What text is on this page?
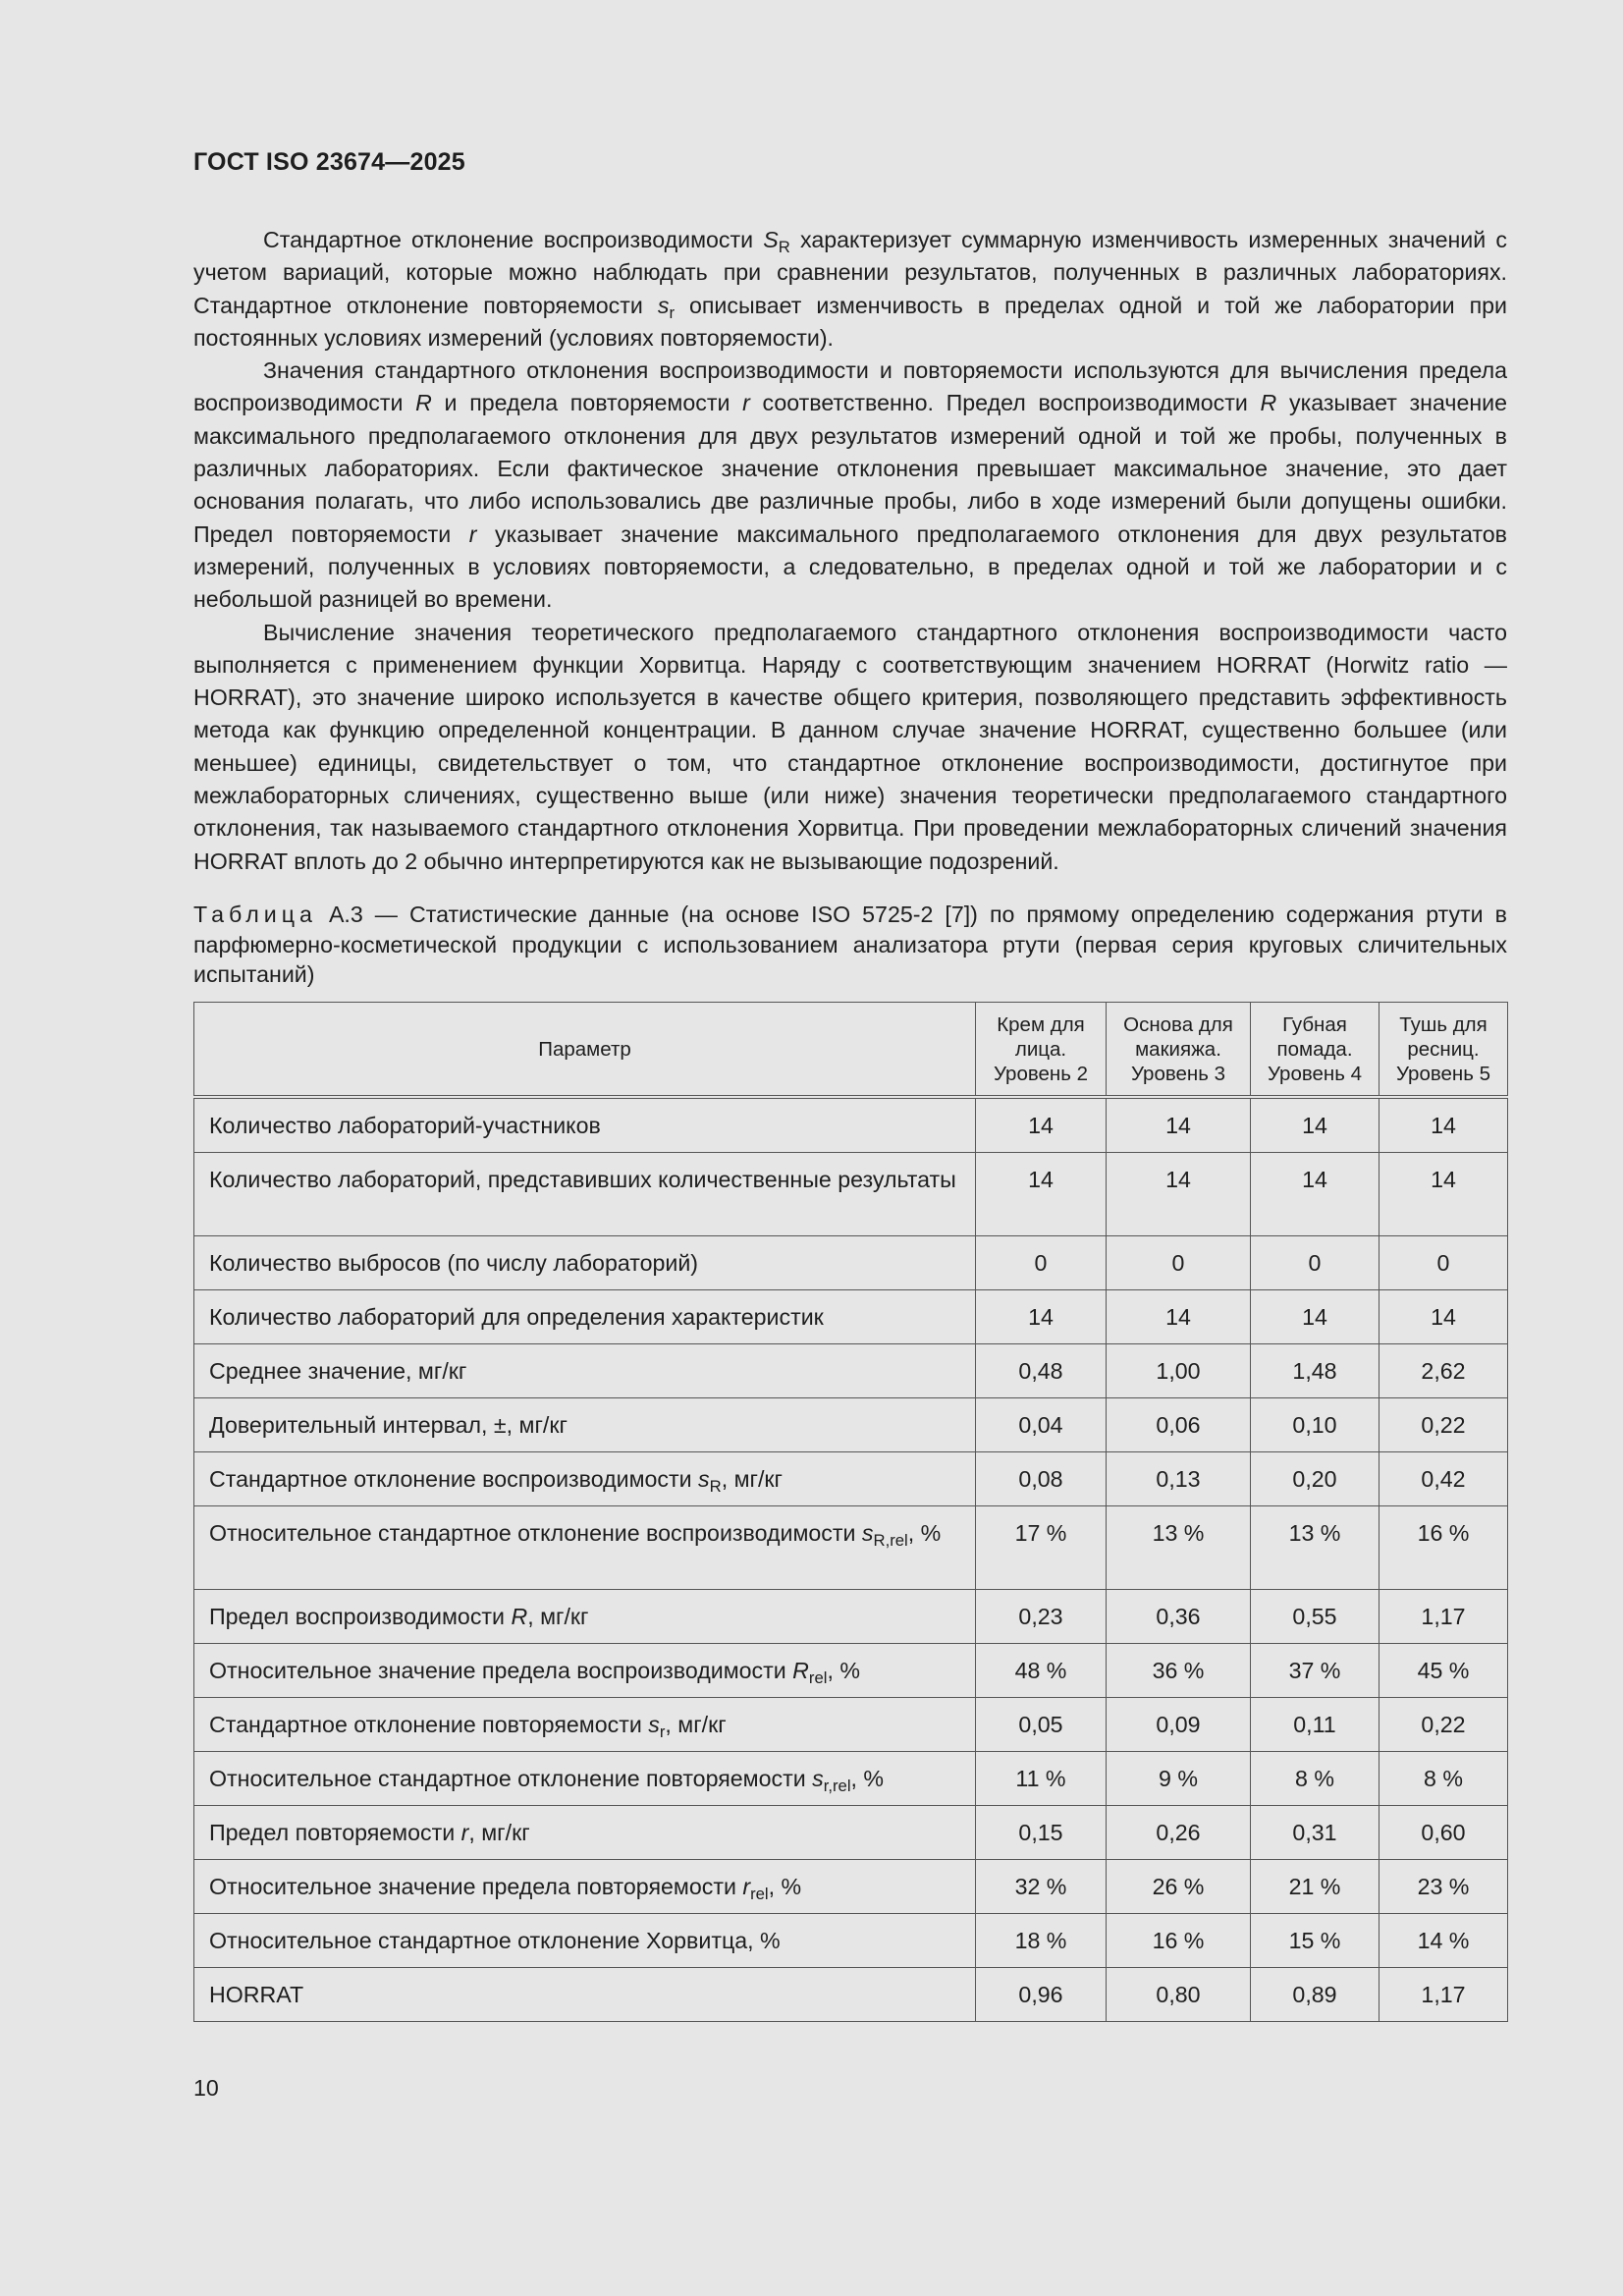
ГОСТ ISO 23674—2025

Стандартное отклонение воспроизводимости $S_R$ характеризует суммарную изменчивость измеренных значений с учетом вариаций, которые можно наблюдать при сравнении результатов, полученных в различных лабораториях. Стандартное отклонение повторяемости $s_r$ описывает изменчивость в пределах одной и той же лаборатории при постоянных условиях измерений (условиях повторяемости).

Значения стандартного отклонения воспроизводимости и повторяемости используются для вычисления предела воспроизводимости R и предела повторяемости r соответственно. Предел воспроизводимости R указывает значение максимального предполагаемого отклонения для двух результатов измерений одной и той же пробы, полученных в различных лабораториях. Если фактическое значение отклонения превышает максимальное значение, это дает основания полагать, что либо использовались две различные пробы, либо в ходе измерений были допущены ошибки. Предел повторяемости r указывает значение максимального предполагаемого отклонения для двух результатов измерений, полученных в условиях повторяемости, а следовательно, в пределах одной и той же лаборатории и с небольшой разницей во времени.

Вычисление значения теоретического предполагаемого стандартного отклонения воспроизводимости часто выполняется с применением функции Хорвитца. Наряду с соответствующим значением HORRAT (Horwitz ratio — HORRAT), это значение широко используется в качестве общего критерия, позволяющего представить эффективность метода как функцию определенной концентрации. В данном случае значение HORRAT, существенно большее (или меньшее) единицы, свидетельствует о том, что стандартное отклонение воспроизводимости, достигнутое при межлабораторных сличениях, существенно выше (или ниже) значения теоретически предполагаемого стандартного отклонения, так называемого стандартного отклонения Хорвитца. При проведении межлабораторных сличений значения HORRAT вплоть до 2 обычно интерпретируются как не вызывающие подозрений.

Таблица А.3 — Статистические данные (на основе ISO 5725-2 [7]) по прямому определению содержания ртути в парфюмерно-косметической продукции с использованием анализатора ртути (первая серия круговых сличительных испытаний)
Параметр	Крем для лица. Уровень 2	Основа для макияжа. Уровень 3	Губная помада. Уровень 4	Тушь для ресниц. Уровень 5
Количество лабораторий-участников	14	14	14	14
Количество лабораторий, представивших количественные результаты	14	14	14	14
Количество выбросов (по числу лабораторий)	0	0	0	0
Количество лабораторий для определения характеристик	14	14	14	14
Среднее значение, мг/кг	0,48	1,00	1,48	2,62
Доверительный интервал, ±, мг/кг	0,04	0,06	0,10	0,22
Стандартное отклонение воспроизводимости $s_R$, мг/кг	0,08	0,13	0,20	0,42
Относительное стандартное отклонение воспроизводимости $s_{R,rel}$, %	17 %	13 %	13 %	16 %
Предел воспроизводимости R, мг/кг	0,23	0,36	0,55	1,17
Относительное значение предела воспроизводимости $R_{rel}$, %	48 %	36 %	37 %	45 %
Стандартное отклонение повторяемости $s_r$, мг/кг	0,05	0,09	0,11	0,22
Относительное стандартное отклонение повторяемости $s_{r,rel}$, %	11 %	9 %	8 %	8 %
Предел повторяемости r, мг/кг	0,15	0,26	0,31	0,60
Относительное значение предела повторяемости $r_{rel}$, %	32 %	26 %	21 %	23 %
Относительное стандартное отклонение Хорвитца, %	18 %	16 %	15 %	14 %
HORRAT	0,96	0,80	0,89	1,17
10
